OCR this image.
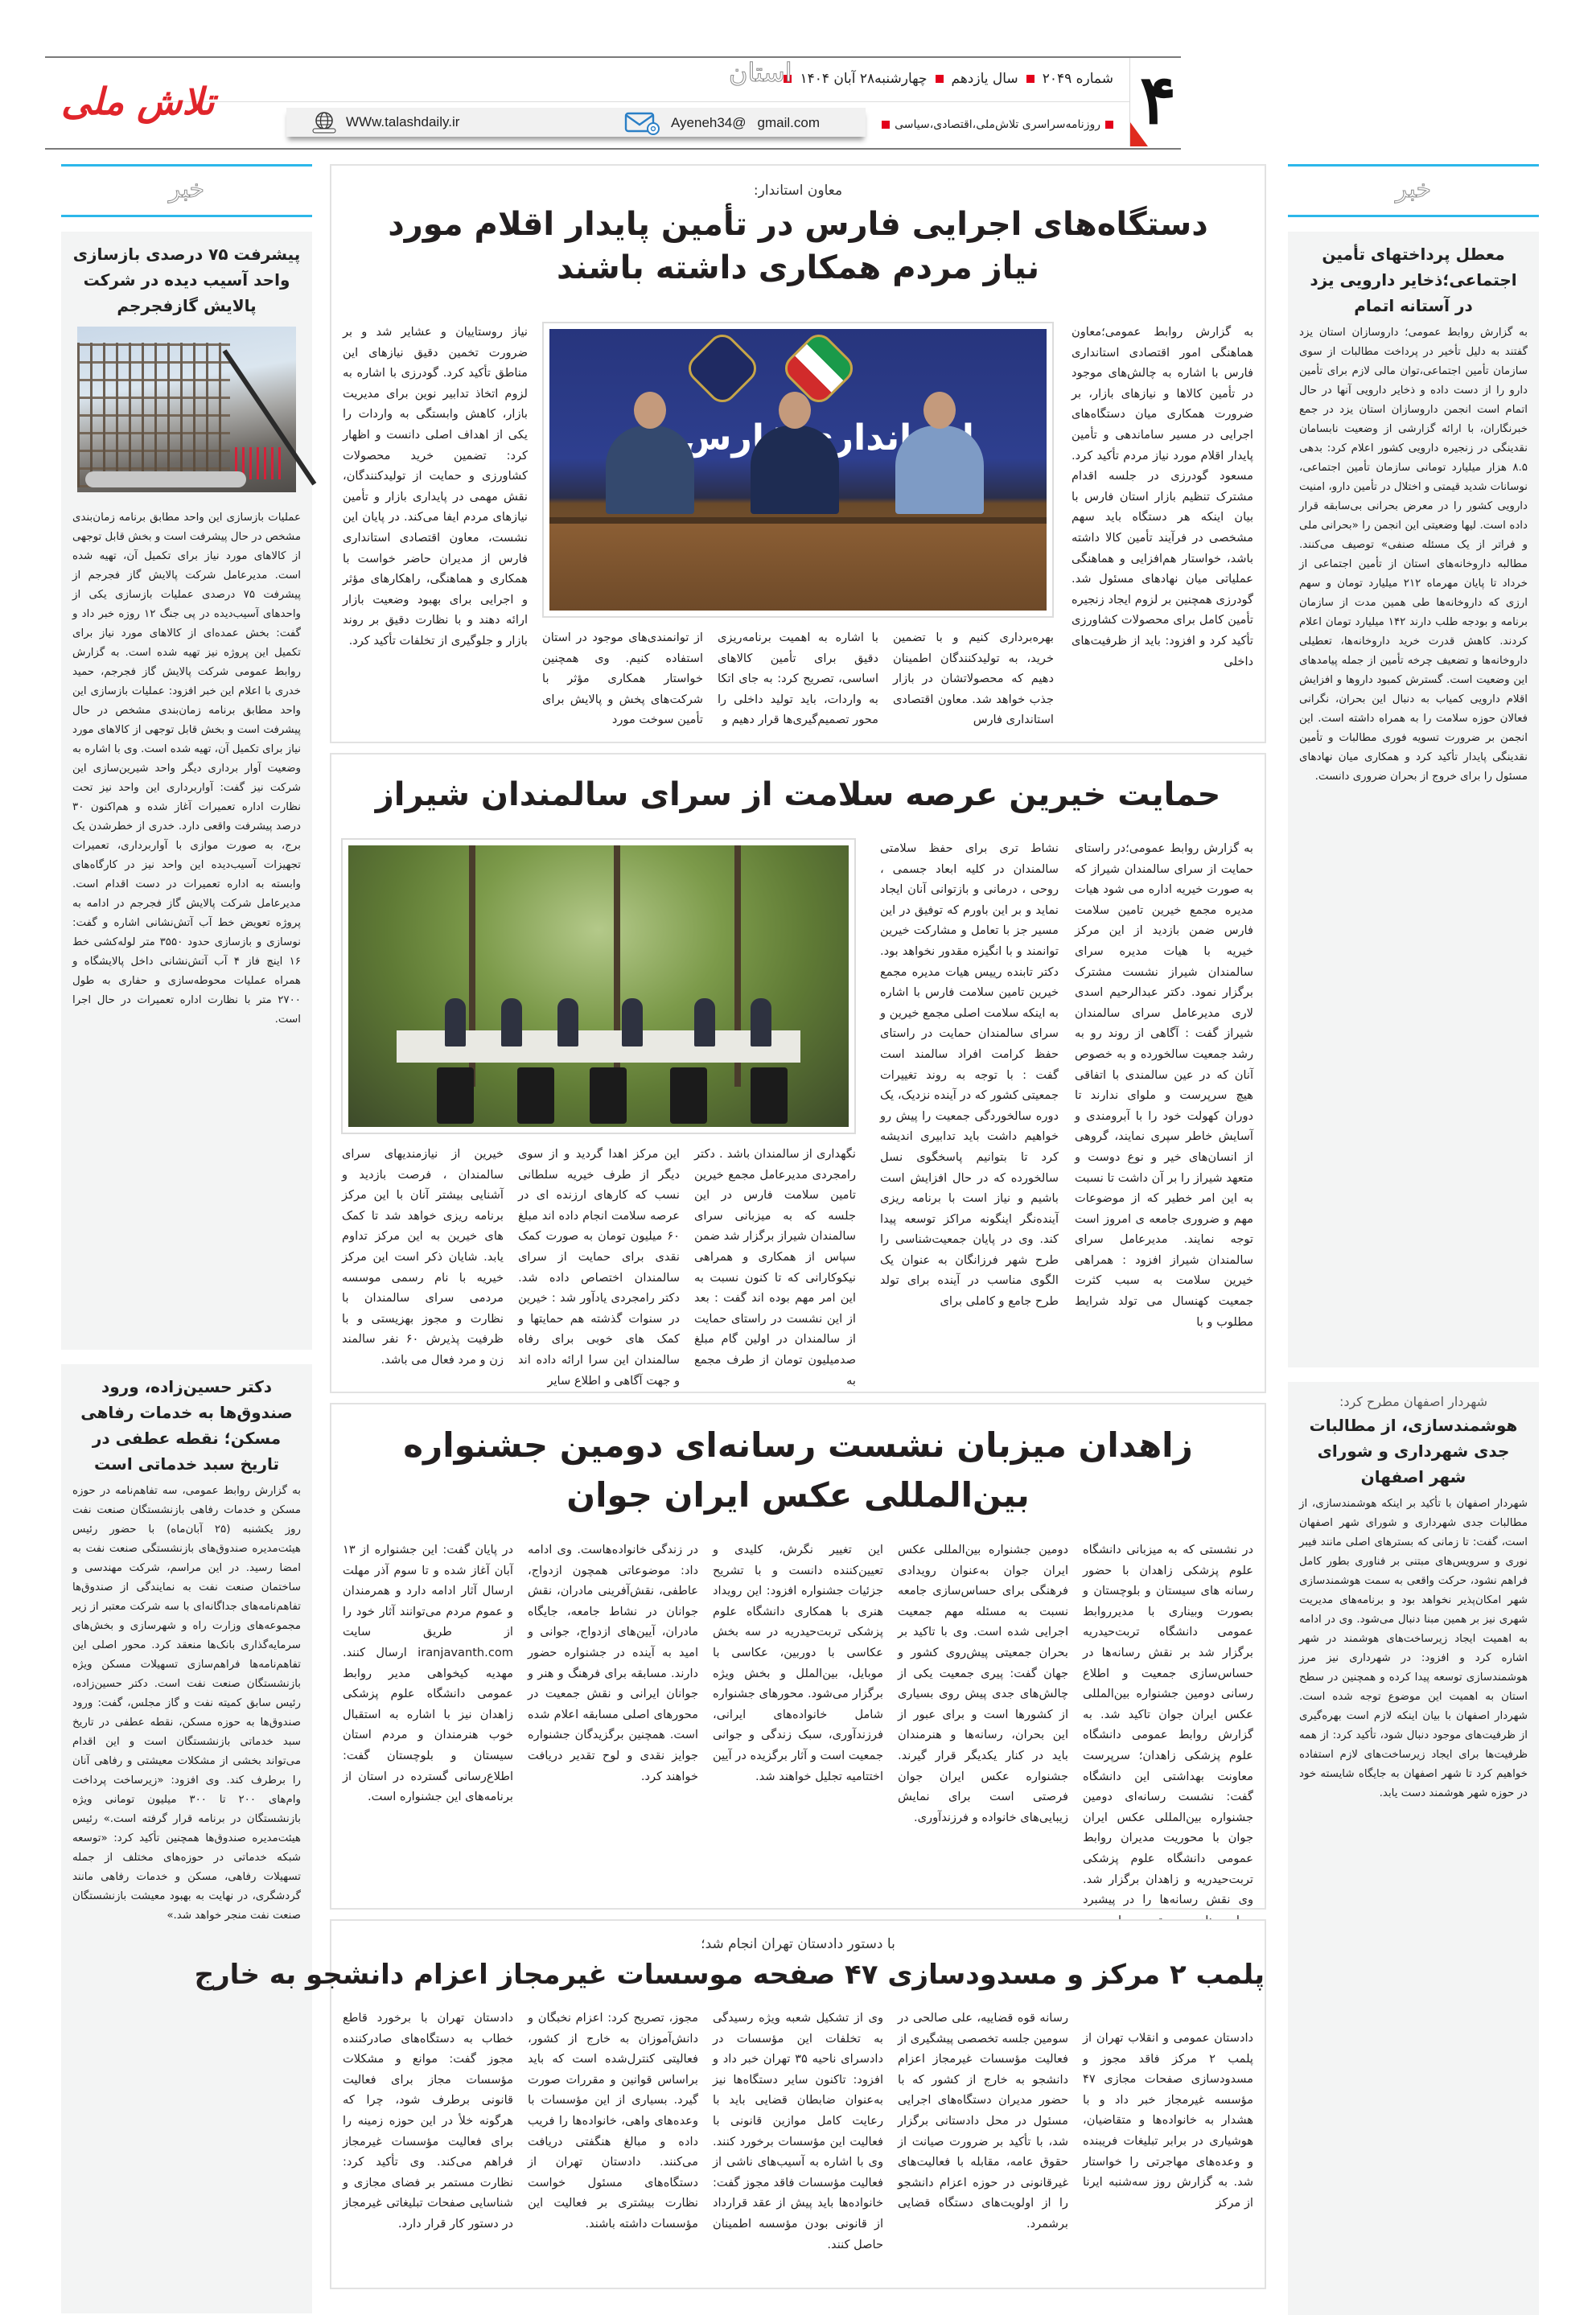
۴
چهارشنبه۲۸ آبان ۱۴۰۴ سال یازدهم شماره ۲۰۴۹
استان
روزنامه‌سراسری تلاش‌ملی،اقتصادی،سیاسی
WWw.talashdaily.ir	Ayeneh34@ gmail.com
تلاش ملی
خبر
معطل پرداختهای تأمین اجتماعی؛ذخایر دارویی یزد در آستانه اتمام
به گزارش روابط عمومی؛ داروسازان استان یزد گفتند به دلیل تأخیر در پرداخت مطالبات از سوی سازمان تأمین اجتماعی،توان مالی لازم برای تأمین دارو را از دست داده و ذخایر دارویی آنها در حال اتمام است انجمن داروسازان استان یزد در جمع خبرنگاران، با ارائه گزارشی از وضعیت نابسامان نقدینگی در زنجیره دارویی کشور اعلام کرد: بدهی ۸.۵ هزار میلیارد تومانی سازمان تأمین اجتماعی، نوسانات شدید قیمتی و اختلال در تأمین دارو، امنیت دارویی کشور را در معرض بحرانی بی‌سابقه قرار داده است. لیها وضعیتی این انجمن را «بحرانی ملی و فراتر از یک مسئله صنفی» توصیف می‌کنند. مطالبه داروخانه‌های استان از تأمین اجتماعی از خرداد تا پایان مهرماه ۲۱۲ میلیارد تومان و سهم ارزی که داروخانه‌ها طی همین مدت از سازمان برنامه و بودجه طلب دارند ۱۴۲ میلیارد تومان اعلام کردند. کاهش قدرت خرید داروخانه‌ها، تعطیلی داروخانه‌ها و تضعیف چرخه تأمین از جمله پیامدهای این وضعیت است. گسترش کمبود داروها و افزایش اقلام دارویی کمیاب به دنبال این بحران، نگرانی فعالان حوزه سلامت را به همراه داشته است. این انجمن بر ضرورت تسویه فوری مطالبات و تأمین نقدینگی پایدار تأکید کرد و همکاری میان نهادهای مسئول را برای خروج از بحران ضروری دانست.
شهردار اصفهان مطرح کرد:
هوشمندسازی، از مطالبات جدی شهرداری و شورای شهر اصفهان
شهردار اصفهان با تأکید بر اینکه هوشمندسازی، از مطالبات جدی شهرداری و شورای شهر اصفهان است، گفت: تا زمانی که بسترهای اصلی مانند فیبر نوری و سرویس‌های مبتنی بر فناوری بطور کامل فراهم نشود، حرکت واقعی به سمت هوشمندسازی شهر امکان‌پذیر نخواهد بود و برنامه‌های مدیریت شهری نیز بر همین مبنا دنبال می‌شود. وی در ادامه به اهمیت ایجاد زیرساخت‌های هوشمند در شهر اشاره کرد و افزود: در شهرداری نیز مرز هوشمندسازی توسعه پیدا کرده و همچنین در سطح استان به اهمیت این موضوع توجه شده است. شهردار اصفهان با بیان اینکه لازم است بهره‌گیری از ظرفیت‌های موجود دنبال شود، تأکید کرد: از همه ظرفیت‌ها برای ایجاد زیرساخت‌های لازم استفاده خواهیم کرد تا شهر اصفهان به جایگاه شایسته خود در حوزه شهر هوشمند دست یابد.
خبر
پیشرفت ۷۵ درصدی بازسازی واحد آسیب دیده در شرکت پالایش گازفجرجم
عملیات بازسازی این واحد مطابق برنامه زمان‌بندی مشخص در حال پیشرفت است و بخش قابل توجهی از کالاهای مورد نیاز برای تکمیل آن، تهیه شده است. مدیرعامل شرکت پالایش گاز فجرجم از پیشرفت ۷۵ درصدی عملیات بازسازی یکی از واحدهای آسیب‌دیده در پی جنگ ۱۲ روزه خبر داد و گفت: بخش عمده‌ای از کالاهای مورد نیاز برای تکمیل این پروژه نیز تهیه شده است. به گزارش روابط عمومی شرکت پالایش گاز فجرجم، حمید خدری با اعلام این خبر افزود: عملیات بازسازی این واحد مطابق برنامه زمان‌بندی مشخص در حال پیشرفت است و بخش قابل توجهی از کالاهای مورد نیاز برای تکمیل آن، تهیه شده است. وی با اشاره به وضعیت آوار برداری دیگر واحد شیرین‌سازی این شرکت نیز گفت: آواربرداری این واحد نیز تحت نظارت اداره تعمیرات آغاز شده و هم‌اکنون ۳۰ درصد پیشرفت واقعی دارد. خدری از خطرشدن یک برج، به صورت موازی با آواربرداری، تعمیرات تجهیزات آسیب‌دیده این واحد نیز در کارگاه‌های وابسته به اداره تعمیرات در دست اقدام است. مدیرعامل شرکت پالایش گاز فجرجم در ادامه به پروژه تعویض خط آب آتش‌نشانی اشاره و گفت: نوسازی و بازسازی حدود ۳۵۵۰ متر لوله‌کشی خط ۱۶ اینچ فاز ۴ آب آتش‌نشانی داخل پالایشگاه و همراه عملیات محوطه‌سازی و حفاری به طول ۲۷۰۰ متر با نظارت اداره تعمیرات در حال اجرا است.
دکتر حسین‌زاده، ورود صندوق‌ها به خدمات رفاهی مسکن؛ نقطه عطفی در تاریخ سبد خدماتی است
به گزارش روابط عمومی، سه تفاهم‌نامه در حوزه مسکن و خدمات رفاهی بازنشستگان صنعت نفت روز یکشنبه (۲۵ آبان‌ماه) با حضور رئیس هیئت‌مدیره صندوق‌های بازنشستگی صنعت نفت به امضا رسید. در این مراسم، شرکت مهندسی و ساختمان صنعت نفت به نمایندگی از صندوق‌ها تفاهم‌نامه‌های جداگانه‌ای با سه شرکت معتبر از زیر مجموعه‌های وزارت راه و شهرسازی و بخش‌های سرمایه‌گذاری بانک‌ها منعقد کرد. محور اصلی این تفاهم‌نامه‌ها فراهم‌سازی تسهیلات مسکن ویژه بازنشستگان صنعت نفت است. دکتر حسین‌زاده، رئیس سابق کمیته نفت و گاز مجلس، گفت: ورود صندوق‌ها به حوزه مسکن، نقطه عطفی در تاریخ سبد خدماتی بازنشستگان است و این اقدام می‌تواند بخشی از مشکلات معیشتی و رفاهی آنان را برطرف کند. وی افزود: «زیرساخت پرداخت وام‌های ۲۰۰ تا ۳۰۰ میلیون تومانی ویژه بازنشستگان در برنامه قرار گرفته است.» رئیس هیئت‌مدیره صندوق‌ها همچنین تأکید کرد: «توسعه شبکه خدماتی در حوزه‌های مختلف از جمله تسهیلات رفاهی، مسکن و خدمات رفاهی مانند گردشگری، در نهایت به بهبود معیشت بازنشستگان صنعت نفت منجر خواهد شد.»
معاون استاندار:
دستگاه‌های اجرایی فارس در تأمین پایدار اقلام مورد نیاز مردم همکاری داشته باشند
استانداری فارس
به گزارش روابط عمومی؛معاون هماهنگی امور اقتصادی استانداری فارس با اشاره به چالش‌های موجود در تأمین کالاها و نیازهای بازار، بر ضرورت همکاری میان دستگاه‌های اجرایی در مسیر ساماندهی و تأمین پایدار اقلام مورد نیاز مردم تأکید کرد. مسعود گودرزی در جلسه اقدام مشترک تنظیم بازار استان فارس با بیان اینکه هر دستگاه باید سهم مشخصی در فرآیند تأمین کالا داشته باشد، خواستار هم‌افزایی و هماهنگی عملیاتی میان نهادهای مسئول شد. گودرزی همچنین بر لزوم ایجاد زنجیره تأمین کامل برای محصولات کشاورزی تأکید کرد و افزود: باید از ظرفیت‌های داخلی
نیاز روستاییان و عشایر شد و بر ضرورت تخمین دقیق نیازهای این مناطق تأکید کرد. گودرزی با اشاره به لزوم اتخاذ تدابیر نوین برای مدیریت بازار، کاهش وابستگی به واردات را یکی از اهداف اصلی دانست و اظهار کرد: تضمین خرید محصولات کشاورزی و حمایت از تولیدکنندگان، نقش مهمی در پایداری بازار و تأمین نیازهای مردم ایفا می‌کند. در پایان این نشست، معاون اقتصادی استانداری فارس از مدیران حاضر خواست با همکاری و هماهنگی، راهکارهای مؤثر و اجرایی برای بهبود وضعیت بازار ارائه دهند و با نظارت دقیق بر روند بازار و جلوگیری از تخلفات تأکید کرد.	بهره‌برداری کنیم و با تضمین خرید، به تولیدکنندگان اطمینان دهیم که محصولاتشان در بازار جذب خواهد شد. معاون اقتصادی استانداری فارس
با اشاره به اهمیت برنامه‌ریزی دقیق برای تأمین کالاهای اساسی، تصریح کرد: به جای اتکا به واردات، باید تولید داخلی را محور تصمیم‌گیری‌ها قرار دهیم و
از توانمندی‌های موجود در استان استفاده کنیم. وی همچنین خواستار همکاری مؤثر با شرکت‌های پخش و پالایش برای تأمین سوخت مورد
حمایت خیرین عرصه سلامت از سرای سالمندان شیراز
به گزارش روابط عمومی؛در راستای حمایت از سرای سالمندان شیراز که به صورت خیریه اداره می شود هیات مدیره مجمع خیرین تامین سلامت فارس ضمن بازدید از این مرکز خیریه با هیات مدیره سرای سالمندان شیراز نشست مشترک برگزار نمود. دکتر عبدالرحیم اسدی لاری مدیرعامل سرای سالمندان شیراز گفت : آگاهی از روند رو به رشد جمعیت سالخورده و به خصوص آنان که در عین سالمندی با اتفاقی هیچ سرپرست و ملوای ندارند تا دوران کهولت خود را با آبرومندی و آسایش خاطر سپری نمایند، گروهی از انسان‌های خیر و نوع دوست و متعهد شیراز را بر آن داشت تا نسبت به این امر خطیر که از موضوعات مهم و ضروری جامعه ی امروز است توجه نمایند. مدیرعامل سرای سالمندان شیراز افزود : همراهی خیرین سلامت به سبب کثرت جمعیت کهنسال می تولد شرایط مطلوب و با
نشاط تری برای حفظ سلامتی سالمندان در کلیه ابعاد جسمی ، روحی ، درمانی و بازتوانی آنان ایجاد نماید و بر این باورم که توفیق در این مسیر جز با تعامل و مشارکت خیرین توانمند و با انگیزه مقدور نخواهد بود. دکتر تابنده رییس هیات مدیره مجمع خیرین تامین سلامت فارس با اشاره به اینکه سلامت اصلی مجمع خیرین و سرای سالمندان حمایت در راستای حفظ کرامت افراد سالمند است گفت : با توجه به روند تغییرات جمعیتی کشور که در آینده نزدیک، یک دوره سالخوردگی جمعیت را پیش رو خواهیم داشت باید تدابیری اندیشه کرد تا بتوانیم پاسخگوی نسل سالخورده که در حال افزایش است باشیم و نیاز است با برنامه ریزی آینده‌نگر اینگونه مراکز توسعه پیدا کند. وی در پایان جمعیت‌شناسی را طرح شهر فرزانگان به عنوان یک الگوی مناسب در آینده برای تولد طرح جامع و کاملی برای
نگهداری از سالمندان باشد . دکتر رامجردی مدیرعامل مجمع خیرین تامین سلامت فارس در این جلسه که به میزبانی سرای سالمندان شیراز برگزار شد ضمن سپاس از همکاری و همراهی نیکوکارانی که تا کنون نسبت به این امر مهم بوده اند گفت : بعد از این نشست در راستای حمایت از سالمندان در اولین گام مبلغ صدمیلیون تومان از طرف مجمع به
این مرکز اهدا گردید و از سوی دیگر از طرف خیریه سلطانی نسب که کارهای ارزنده ای در عرصه سلامت انجام داده اند مبلغ ۶۰ میلیون تومان به صورت کمک نقدی برای حمایت از سرای سالمندان اختصاص داده شد. دکتر رامجردی یادآور شد : خیرین در سنوات گذشته هم حمایتها و کمک های خوبی برای رفاه سالمندان این سرا ارائه داده اند و جهت آگاهی و اطلاع سایر
خیرین از نیازمندیهای سرای سالمندان ، فرصت بازدید و آشنایی بیشتر آنان با این مرکز برنامه ریزی خواهد شد تا کمک های خیرین به این مرکز تداوم یابد. شایان ذکر است این مرکز خیریه با نام رسمی موسسه مردمی سرای سالمندان با نظارت و مجوز بهزیستی و با ظرفیت پذیرش ۶۰ نفر سالمند زن و مرد فعال می باشد.
زاهدان میزبان نشست رسانه‌ای دومین جشنواره بین‌المللی عکس ایران جوان
در نشستی که به میزبانی دانشگاه علوم پزشکی زاهدان با حضور رسانه های سیستان و بلوچستان و بصورت وبیناری با مدیرروابط عمومی دانشگاه تربت‌حیدریه برگزار شد بر نقش رسانه‌ها در حساس‌سازی جمعیت و اطلاع رسانی دومین جشنواره بین‌المللی عکس ایران جوان تاکید شد. به گزارش روابط عمومی دانشگاه علوم پزشکی زاهدان؛ سرپرست معاونت بهداشتی این دانشگاه گفت: نشست رسانه‌ای دومین جشنواره بین‌المللی عکس ایران جوان با محوریت مدیران روابط عمومی دانشگاه علوم پزشکی تربت‌حیدریه و زاهدان برگزار شد. وی نقش رسانه‌ها را در پیشبرد
دومین جشنواره بین‌المللی عکس ایران جوان به‌عنوان رویدادی فرهنگی برای حساس‌سازی جامعه نسبت به مسئله مهم جمعیت اجرایی شده است. وی با تاکید بر بحران جمعیتی پیش‌روی کشور و جهان گفت: پیری جمعیت یکی از چالش‌های جدی پیش روی بسیاری از کشورها است و برای عبور از این بحران، رسانه‌ها و هنرمندان باید در کنار یکدیگر قرار گیرند. جشنواره عکس ایران جوان فرصتی است برای نمایش زیبایی‌های خانواده و فرزندآوری.
این تغییر نگرش، کلیدی و تعیین‌کننده دانست و با تشریح جزئیات جشنواره افزود: این رویداد هنری با همکاری دانشگاه علوم پزشکی تربت‌حیدریه در سه بخش عکاسی با دوربین، عکاسی با موبایل، بین‌الملل و بخش ویژه برگزار می‌شود. محورهای جشنواره شامل خانواده‌های ایرانی، فرزندآوری، سبک زندگی و جوانی جمعیت است و آثار برگزیده در آیین اختتامیه تجلیل خواهند شد.
در زندگی خانواده‌هاست. وی ادامه داد: موضوعاتی همچون ازدواج، عاطفی، نقش‌آفرینی مادران، نقش جوانان در نشاط جامعه، جایگاه مادران، آیین‌های ازدواج، جوانی و امید به آینده در جشنواره حضور دارند. مسابقه برای فرهنگ و هنر و جوانان ایرانی و نقش جمعیت در محورهای اصلی مسابقه اعلام شده است. همچنین برگزیدگان جشنواره جوایز نقدی و لوح تقدیر دریافت خواهند کرد.
در پایان گفت: این جشنواره از ۱۳ آبان آغاز شده و تا سوم آذر مهلت ارسال آثار ادامه دارد و همرمندان و عموم مردم می‌توانند آثار خود را از طریق سایت iranjavanth.com ارسال کنند. مهدیه کیخواهی مدیر روابط عمومی دانشگاه علوم پزشکی زاهدان نیز با اشاره به استقبال خوب هنرمندان و مردم استان سیستان و بلوچستان گفت: اطلاع‌رسانی گسترده در استان از برنامه‌های این جشنواره است.
با دستور دادستان تهران انجام شد؛
پلمب ۲ مرکز و مسدودسازی ۴۷ صفحه موسسات غیرمجاز اعزام دانشجو به خارج
دادستان عمومی و انقلاب تهران از پلمب ۲ مرکز فاقد مجوز و مسدودسازی صفحات مجازی ۴۷ مؤسسه غیرمجاز خبر داد و با هشدار به خانواده‌ها و متقاضیان، هوشیاری در برابر تبلیغات فریبنده و وعده‌های مهاجرتی را خواستار شد. به گزارش روز سه‌شنبه ایرنا از مرکز
رسانه قوه قضاییه، علی صالحی در سومین جلسه تخصصی پیشگیری از فعالیت مؤسسات غیرمجاز اعزام دانشجو به خارج از کشور که با حضور مدیران دستگاه‌های اجرایی مسئول در محل دادستانی برگزار شد، با تأکید بر ضرورت صیانت از حقوق عامه، مقابله با فعالیت‌های غیرقانونی در حوزه اعزام دانشجو را از اولویت‌های دستگاه قضایی برشمرد.
وی از تشکیل شعبه ویژه رسیدگی به تخلفات این مؤسسات در دادسرای ناحیه ۳۵ تهران خبر داد و افزود: تاکنون سایر دستگاه‌ها نیز به‌عنوان ضابطان قضایی باید با رعایت کامل موازین قانونی با فعالیت این مؤسسات برخورد کنند. وی با اشاره به آسیب‌های ناشی از فعالیت مؤسسات فاقد مجوز گفت: خانواده‌ها باید پیش از عقد قرارداد از قانونی بودن مؤسسه اطمینان حاصل کنند.
مجوز، تصریح کرد: اعزام نخبگان و دانش‌آموزان به خارج از کشور، فعالیتی کنترل‌شده است که باید براساس قوانین و مقررات صورت گیرد. بسیاری از این مؤسسات با وعده‌های واهی، خانواده‌ها را فریب داده و مبالغ هنگفتی دریافت می‌کنند. دادستان تهران از دستگاه‌های مسئول خواست نظارت بیشتری بر فعالیت این مؤسسات داشته باشند.
دادستان تهران با برخورد قاطع خطاب به دستگاه‌های صادرکننده مجوز گفت: موانع و مشکلات مؤسسات مجاز برای فعالیت قانونی برطرف شود، چرا که هرگونه خلأ در این حوزه زمینه را برای فعالیت مؤسسات غیرمجاز فراهم می‌کند. وی تأکید کرد: نظارت مستمر بر فضای مجازی و شناسایی صفحات تبلیغاتی غیرمجاز در دستور کار قرار دارد.
